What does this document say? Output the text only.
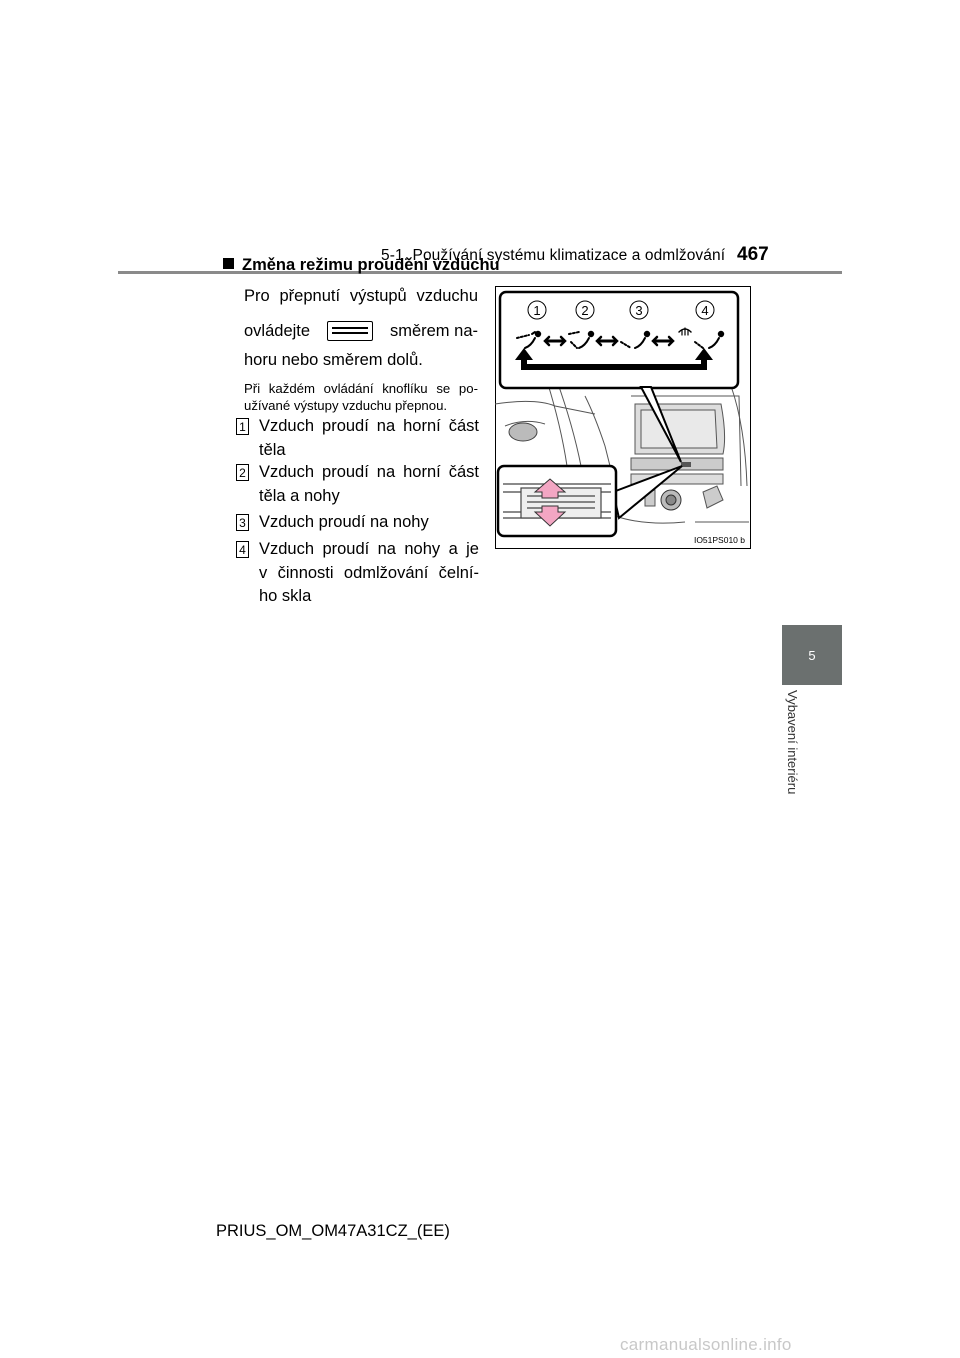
5-1. Používání systému klimatizace a odmlžování 467
5
Vybavení interiéru
Změna režimu proudění vzduchu
Pro přepnutí výstupů vzduchu
ovládejte	směrem na-
horu nebo směrem dolů.
Při každém ovládání knoflíku se po-
užívané výstupy vzduchu přepnou.
1 Vzduch proudí na horní část
těla
2 Vzduch proudí na horní část
těla a nohy
3 Vzduch proudí na nohy
4 Vzduch proudí na nohy a je
v činnosti odmlžování čelní-
ho skla
1	2	3	4
IO51PS010 b
PRIUS_OM_OM47A31CZ_(EE)
carmanualsonline.info
